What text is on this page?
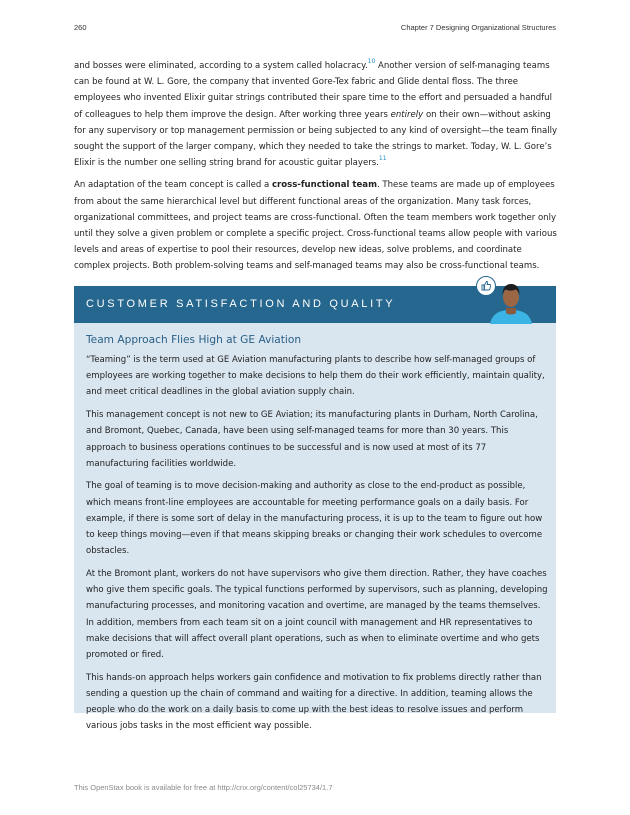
260	Chapter 7 Designing Organizational Structures

and bosses were eliminated, according to a system called holacracy.$^{10}$ Another version of self-managing teams can be found at W. L. Gore, the company that invented Gore-Tex fabric and Glide dental floss. The three employees who invented Elixir guitar strings contributed their spare time to the effort and persuaded a handful of colleagues to help them improve the design. After working three years entirely on their own—without asking for any supervisory or top management permission or being subjected to any kind of oversight—the team finally sought the support of the larger company, which they needed to take the strings to market. Today, W. L. Gore’s Elixir is the number one selling string brand for acoustic guitar players.$^{11}$

An adaptation of the team concept is called a cross-functional team. These teams are made up of employees from about the same hierarchical level but different functional areas of the organization. Many task forces, organizational committees, and project teams are cross-functional. Often the team members work together only until they solve a given problem or complete a specific project. Cross-functional teams allow people with various levels and areas of expertise to pool their resources, develop new ideas, solve problems, and coordinate complex projects. Both problem-solving teams and self-managed teams may also be cross-functional teams.

CUSTOMER SATISFACTION AND QUALITY
Team Approach Flies High at GE Aviation

“Teaming” is the term used at GE Aviation manufacturing plants to describe how self-managed groups of employees are working together to make decisions to help them do their work efficiently, maintain quality, and meet critical deadlines in the global aviation supply chain.

This management concept is not new to GE Aviation; its manufacturing plants in Durham, North Carolina, and Bromont, Quebec, Canada, have been using self-managed teams for more than 30 years. This approach to business operations continues to be successful and is now used at most of its 77 manufacturing facilities worldwide.

The goal of teaming is to move decision-making and authority as close to the end-product as possible, which means front-line employees are accountable for meeting performance goals on a daily basis. For example, if there is some sort of delay in the manufacturing process, it is up to the team to figure out how to keep things moving—even if that means skipping breaks or changing their work schedules to overcome obstacles.

At the Bromont plant, workers do not have supervisors who give them direction. Rather, they have coaches who give them specific goals. The typical functions performed by supervisors, such as planning, developing manufacturing processes, and monitoring vacation and overtime, are managed by the teams themselves. In addition, members from each team sit on a joint council with management and HR representatives to make decisions that will affect overall plant operations, such as when to eliminate overtime and who gets promoted or fired.

This hands-on approach helps workers gain confidence and motivation to fix problems directly rather than sending a question up the chain of command and waiting for a directive. In addition, teaming allows the people who do the work on a daily basis to come up with the best ideas to resolve issues and perform various jobs tasks in the most efficient way possible.

This OpenStax book is available for free at http://cnx.org/content/col25734/1.7
